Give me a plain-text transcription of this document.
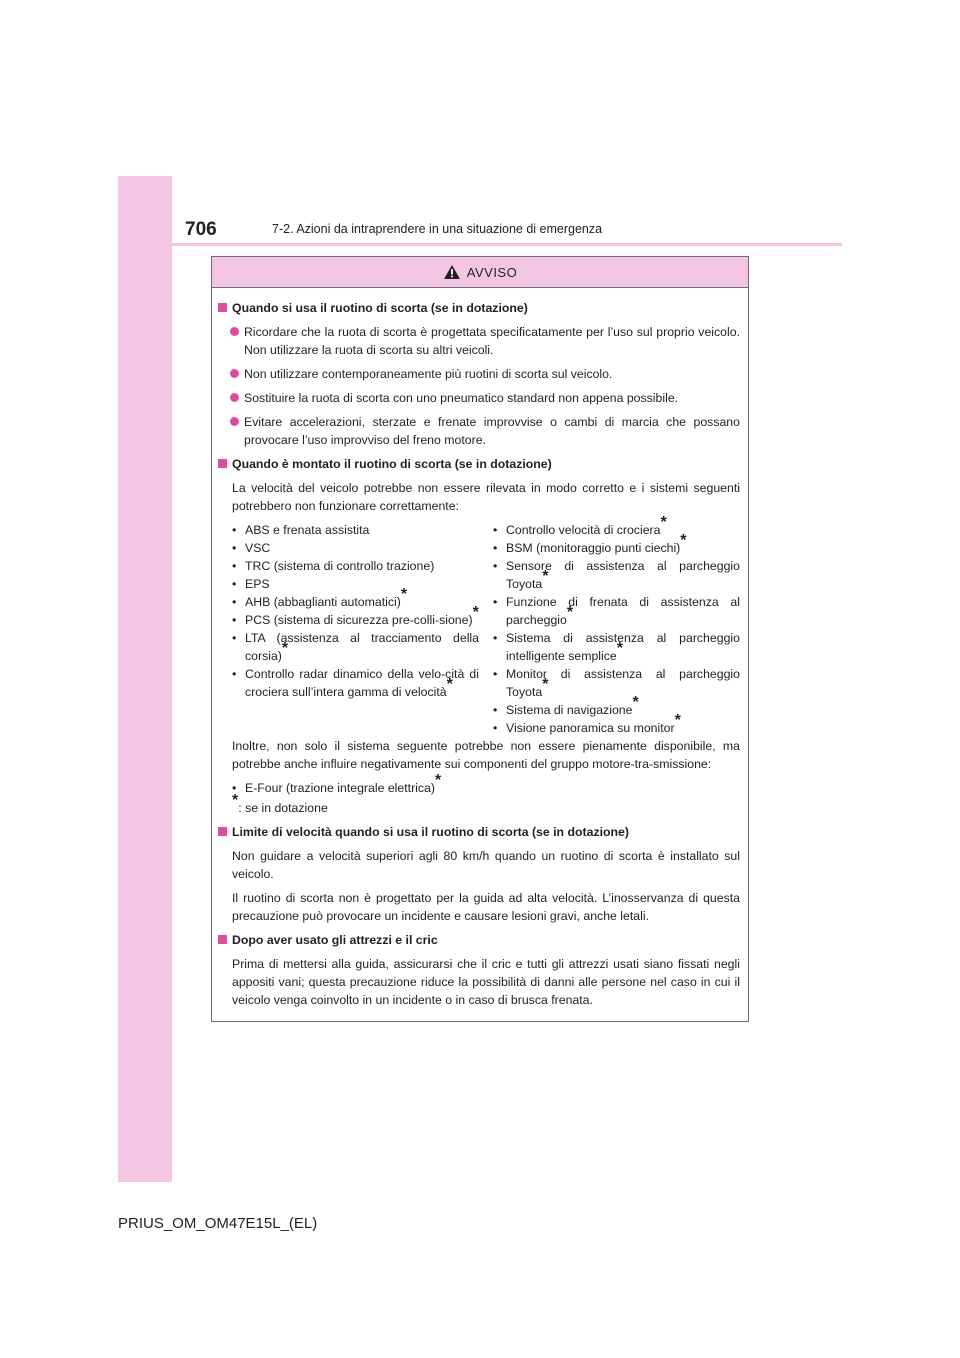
706	7-2. Azioni da intraprendere in una situazione di emergenza
AVVISO
Quando si usa il ruotino di scorta (se in dotazione)
Ricordare che la ruota di scorta è progettata specificatamente per l’uso sul proprio veicolo. Non utilizzare la ruota di scorta su altri veicoli.
Non utilizzare contemporaneamente più ruotini di scorta sul veicolo.
Sostituire la ruota di scorta con uno pneumatico standard non appena possibile.
Evitare accelerazioni, sterzate e frenate improvvise o cambi di marcia che possano provocare l’uso improvviso del freno motore.
Quando è montato il ruotino di scorta (se in dotazione)
La velocità del veicolo potrebbe non essere rilevata in modo corretto e i sistemi seguenti potrebbero non funzionare correttamente:
• ABS e frenata assistita
• VSC
• TRC (sistema di controllo trazione)
• EPS
• AHB (abbaglianti automatici)*
• PCS (sistema di sicurezza pre-colli-sione)*
• LTA (assistenza al tracciamento della corsia)*
• Controllo radar dinamico della velo-cità di crociera sull’intera gamma di velocità*
• Controllo velocità di crociera*
• BSM (monitoraggio punti ciechi)*
• Sensore di assistenza al parcheggio Toyota*
• Funzione di frenata di assistenza al parcheggio*
• Sistema di assistenza al parcheggio intelligente semplice*
• Monitor di assistenza al parcheggio Toyota*
• Sistema di navigazione*
• Visione panoramica su monitor*
Inoltre, non solo il sistema seguente potrebbe non essere pienamente disponibile, ma potrebbe anche influire negativamente sui componenti del gruppo motore-tra-smissione:
• E-Four (trazione integrale elettrica)*
*: se in dotazione
Limite di velocità quando si usa il ruotino di scorta (se in dotazione)
Non guidare a velocità superiori agli 80 km/h quando un ruotino di scorta è installato sul veicolo.
Il ruotino di scorta non è progettato per la guida ad alta velocità. L’inosservanza di questa precauzione può provocare un incidente e causare lesioni gravi, anche letali.
Dopo aver usato gli attrezzi e il cric
Prima di mettersi alla guida, assicurarsi che il cric e tutti gli attrezzi usati siano fissati negli appositi vani; questa precauzione riduce la possibilità di danni alle persone nel caso in cui il veicolo venga coinvolto in un incidente o in caso di brusca frenata.
PRIUS_OM_OM47E15L_(EL)
